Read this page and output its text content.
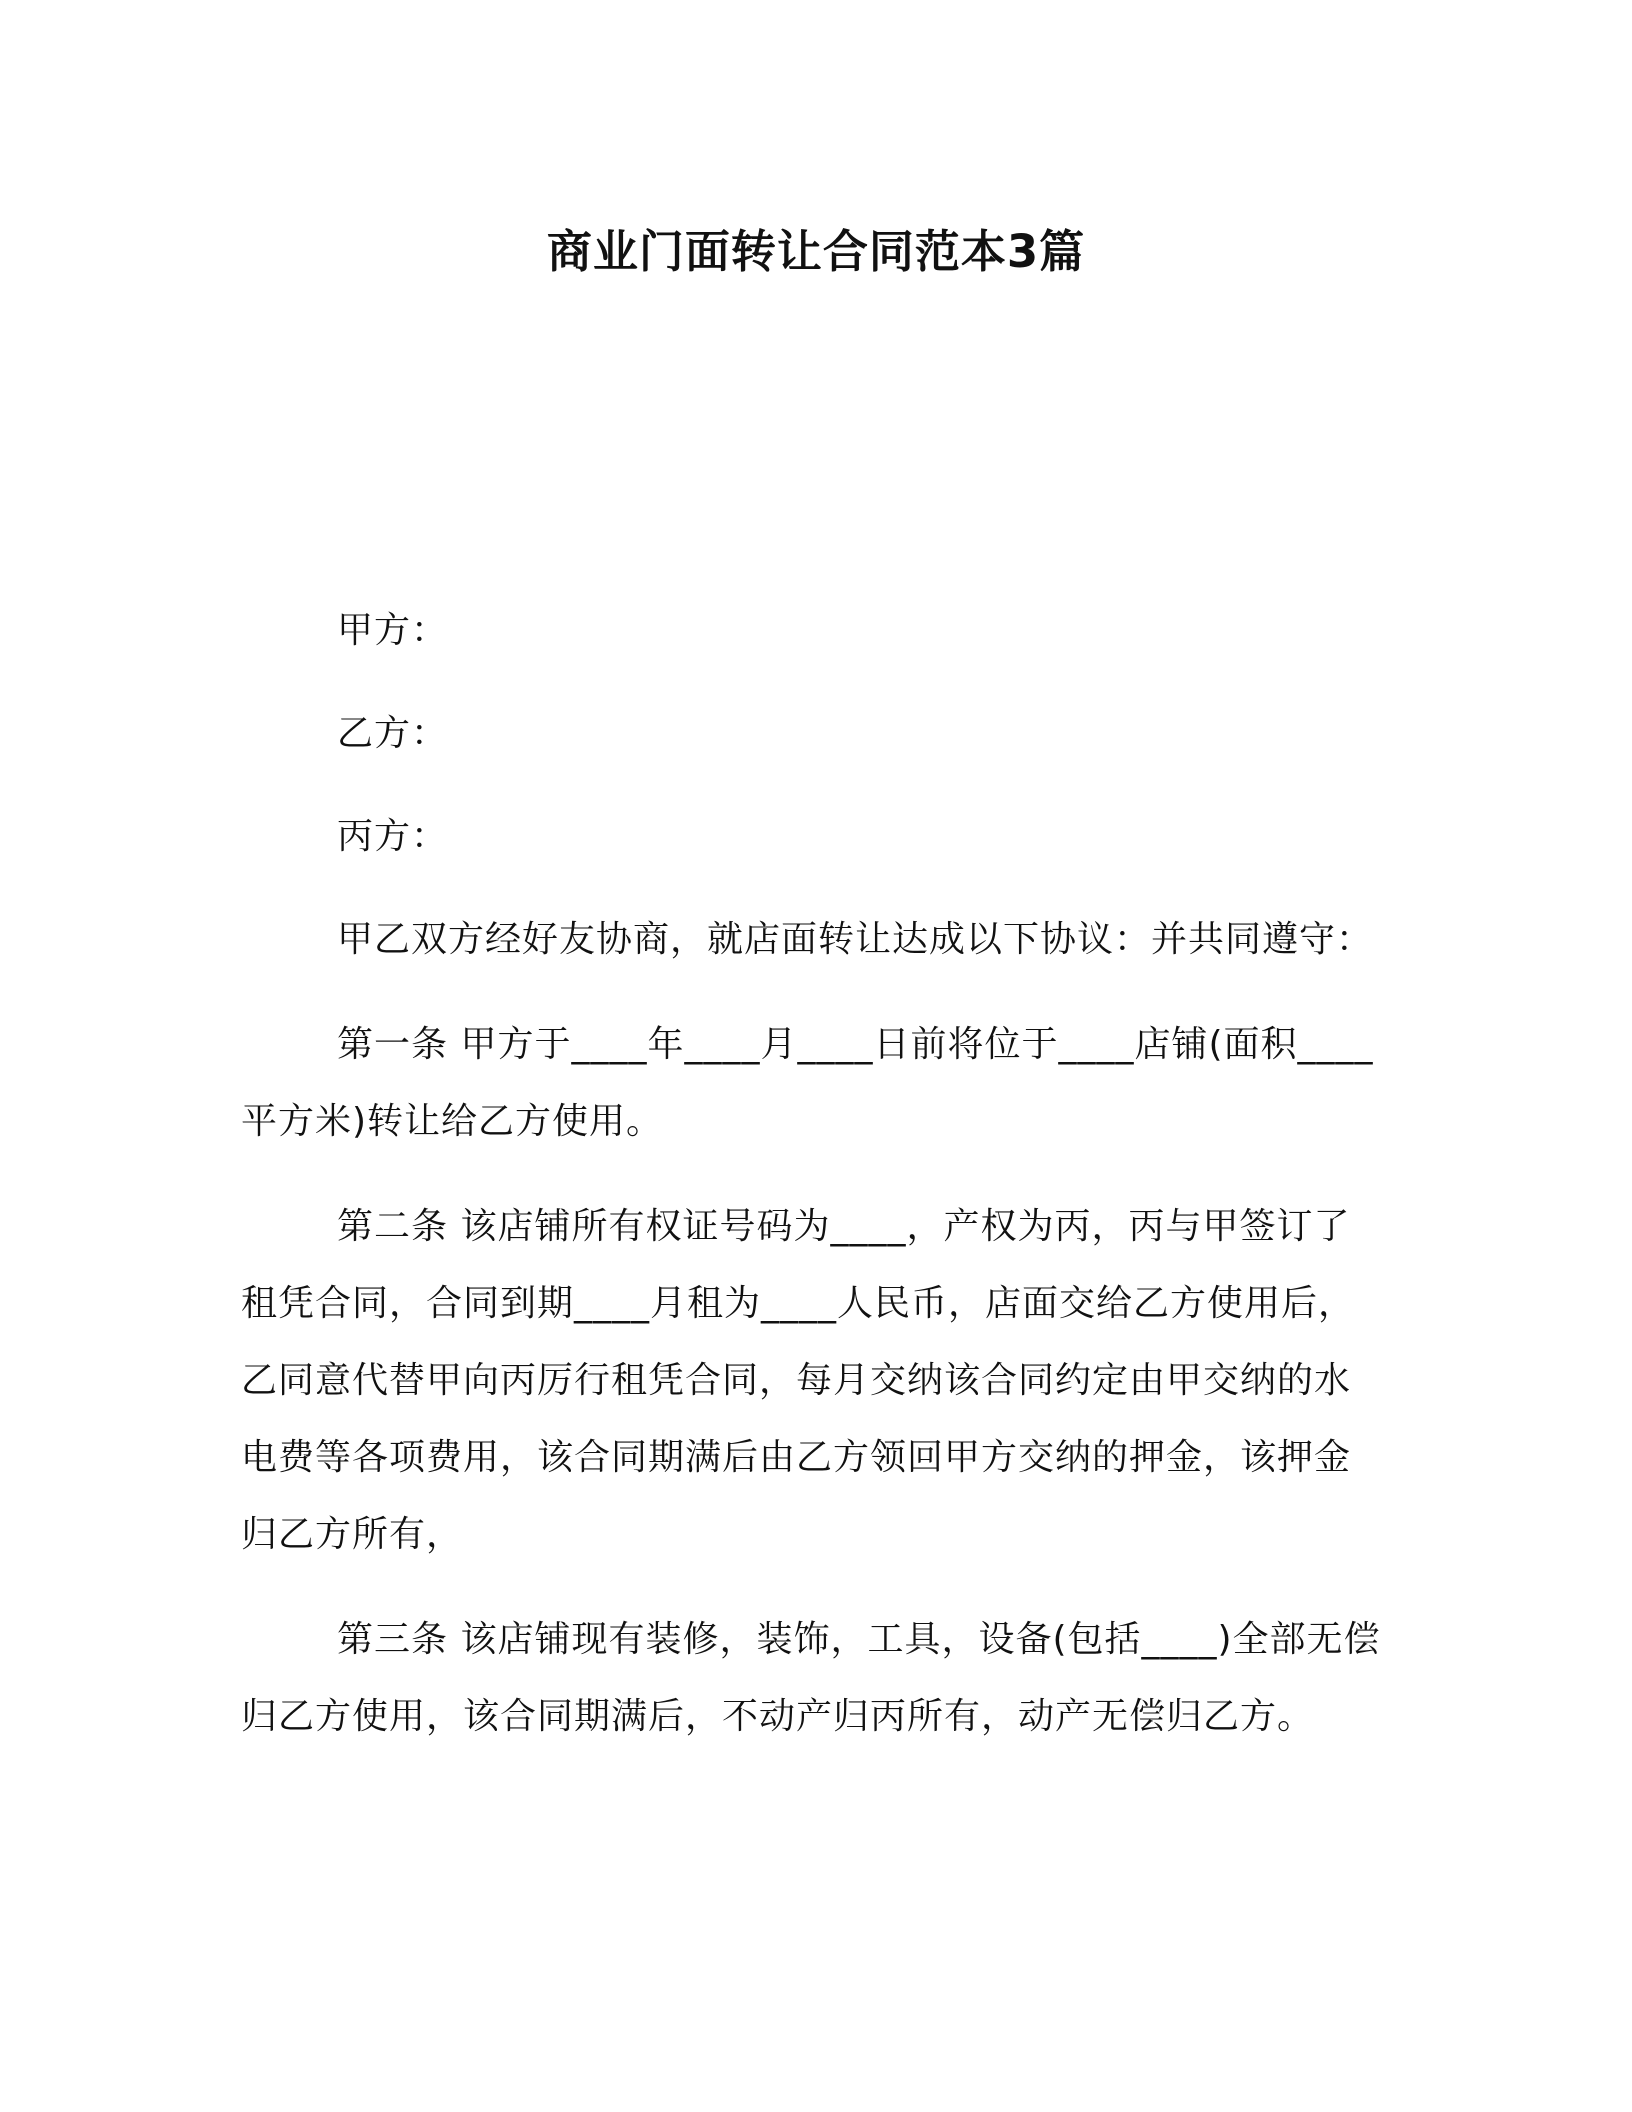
商业门面转让合同范本3篇

甲方：

乙方：

丙方：

甲乙双方经好友协商，就店面转让达成以下协议：并共同遵守：

第一条 甲方于____年____月____日前将位于____店铺(面积____平方米)转让给乙方使用。

第二条 该店铺所有权证号码为____，产权为丙，丙与甲签订了租凭合同，合同到期____月租为____人民币，店面交给乙方使用后，乙同意代替甲向丙厉行租凭合同，每月交纳该合同约定由甲交纳的水电费等各项费用，该合同期满后由乙方领回甲方交纳的押金，该押金归乙方所有，

第三条 该店铺现有装修，装饰，工具，设备(包括____)全部无偿归乙方使用，该合同期满后，不动产归丙所有，动产无偿归乙方。
